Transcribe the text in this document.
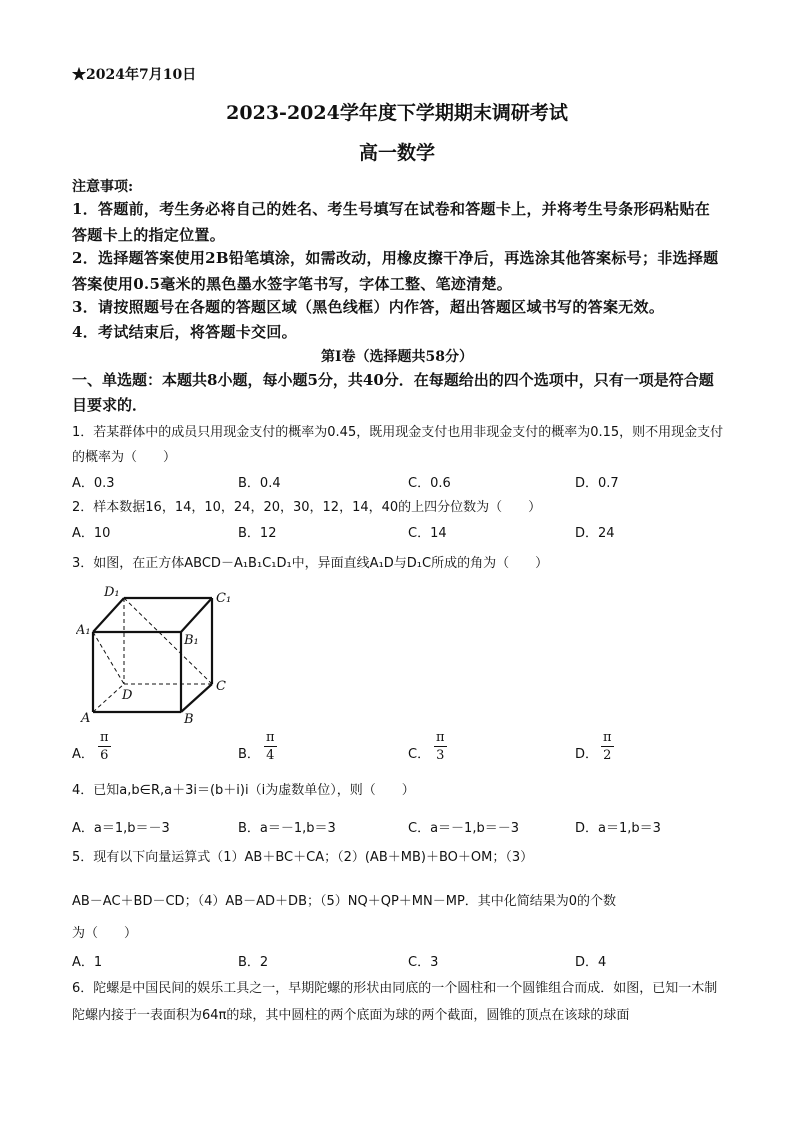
★2024年7月10日
2023-2024学年度下学期期末调研考试
高一数学
注意事项:
1．答题前，考生务必将自己的姓名、考生号填写在试卷和答题卡上，并将考生号条形码粘贴在答题卡上的指定位置。
2．选择题答案使用2B铅笔填涂，如需改动，用橡皮擦干净后，再选涂其他答案标号；非选择题答案使用0.5毫米的黑色墨水签字笔书写，字体工整、笔迹清楚。
3．请按照题号在各题的答题区域（黑色线框）内作答，超出答题区域书写的答案无效。
4．考试结束后，将答题卡交回。
第Ⅰ卷（选择题共58分）
一、单选题：本题共8小题，每小题5分，共40分．在每题给出的四个选项中，只有一项是符合题目要求的．
1．若某群体中的成员只用现金支付的概率为0.45，既用现金支付也用非现金支付的概率为0.15，则不用现金支付的概率为（　　）
A．0.3	B．0.4	C．0.6	D．0.7
2．样本数据16，14，10，24，20，30，12，14，40的上四分位数为（　　）
A．10	B．12	C．14	D．24
3．如图，在正方体ABCD－A₁B₁C₁D₁中，异面直线A₁D与D₁C所成的角为（　　）
D₁	C₁
A₁
B₁
D
C
A	B
A． $\frac{\pi}{6}$	B． $\frac{\pi}{4}$	C． $\frac{\pi}{3}$	D． $\frac{\pi}{2}$
4．已知a,b∈R,a＋3i＝(b＋i)i（i为虚数单位），则（　　）
A．a＝1,b＝－3	B．a＝－1,b＝3	C．a＝－1,b＝－3	D．a＝1,b＝3
5．现有以下向量运算式（1）AB＋BC＋CA；（2）(AB＋MB)＋BO＋OM；（3）
AB－AC＋BD－CD；（4）AB－AD＋DB；（5）NQ＋QP＋MN－MP．其中化简结果为0的个数
为（　　）
A．1	B．2	C．3	D．4
6．陀螺是中国民间的娱乐工具之一，早期陀螺的形状由同底的一个圆柱和一个圆锥组合而成．如图，已知一木制陀螺内接于一表面积为64π的球，其中圆柱的两个底面为球的两个截面，圆锥的顶点在该球的球面
